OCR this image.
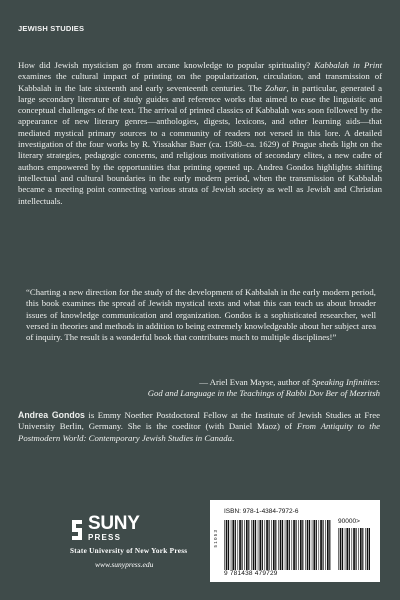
JEWISH STUDIES

How did Jewish mysticism go from arcane knowledge to popular spirituality? Kabbalah in Print examines the cultural impact of printing on the popularization, circulation, and transmission of Kabbalah in the late sixteenth and early seventeenth centuries. The Zohar, in particular, generated a large secondary literature of study guides and reference works that aimed to ease the linguistic and conceptual challenges of the text. The arrival of printed classics of Kabbalah was soon followed by the appearance of new literary genres—anthologies, digests, lexicons, and other learning aids—that mediated mystical primary sources to a community of readers not versed in this lore. A detailed investigation of the four works by R. Yissakhar Baer (ca. 1580–ca. 1629) of Prague sheds light on the literary strategies, pedagogic concerns, and religious motivations of secondary elites, a new cadre of authors empowered by the opportunities that printing opened up. Andrea Gondos highlights shifting intellectual and cultural boundaries in the early modern period, when the transmission of Kabbalah became a meeting point connecting various strata of Jewish society as well as Jewish and Christian intellectuals.

“Charting a new direction for the study of the development of Kabbalah in the early modern period, this book examines the spread of Jewish mystical texts and what this can teach us about broader issues of knowledge communication and organization. Gondos is a sophisticated researcher, well versed in theories and methods in addition to being extremely knowledgeable about her subject area of inquiry. The result is a wonderful book that contributes much to multiple disciplines!”

— Ariel Evan Mayse, author of Speaking Infinities:
God and Language in the Teachings of Rabbi Dov Ber of Mezritsh

Andrea Gondos is Emmy Noether Postdoctoral Fellow at the Institute of Jewish Studies at Free University Berlin, Germany. She is the coeditor (with Daniel Maoz) of From Antiquity to the Postmodern World: Contemporary Jewish Studies in Canada.

ISBN: 978-1-4384-7972-6
5 1 0 5 3
90000>
9 781438 479729
SUNY
PRESS
State University of New York Press
www.sunypress.edu
